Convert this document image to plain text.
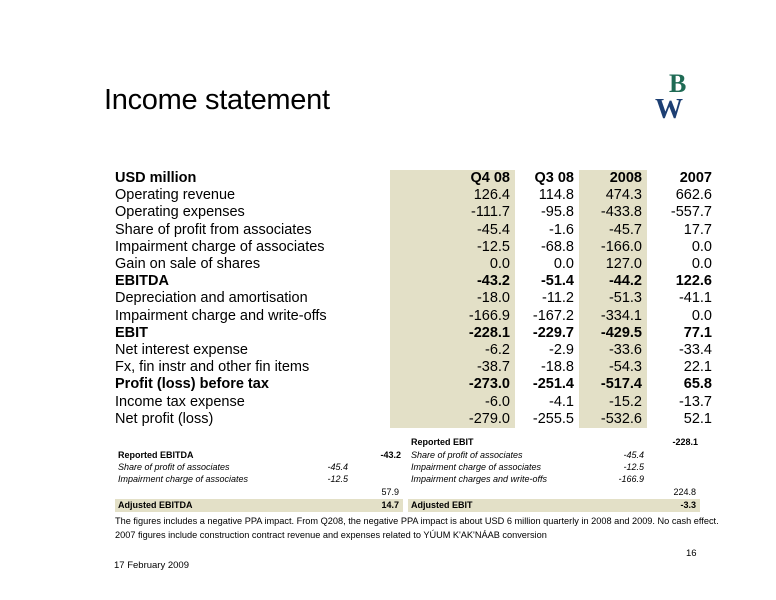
B
W
Income statement
USD million	Q4 08	Q3 08	2008	2007
Operating revenue	126.4	114.8	474.3	662.6
Operating expenses	-111.7	-95.8	-433.8	-557.7
Share of profit from associates	-45.4	-1.6	-45.7	17.7
Impairment charge of associates	-12.5	-68.8	-166.0	0.0
Gain on sale of shares	0.0	0.0	127.0	0.0
EBITDA	-43.2	-51.4	-44.2	122.6
Depreciation and amortisation	-18.0	-11.2	-51.3	-41.1
Impairment charge and write-offs	-166.9	-167.2	-334.1	0.0
EBIT	-228.1	-229.7	-429.5	77.1
Net interest expense	-6.2	-2.9	-33.6	-33.4
Fx, fin instr and other fin items	-38.7	-18.8	-54.3	22.1
Profit (loss) before tax	-273.0	-251.4	-517.4	65.8
Income tax expense	-6.0	-4.1	-15.2	-13.7
Net profit (loss)	-279.0	-255.5	-532.6	52.1
Reported EBITDA	-43.2
Share of profit of associates	-45.4
Impairment charge of associates	-12.5
57.9
Adjusted EBITDA	14.7
Reported EBIT	-228.1
Share of profit of associates	-45.4
Impairment charge of associates	-12.5
Impairment charges and write-offs	-166.9
224.8
Adjusted EBIT	-3.3
The figures includes a negative PPA impact. From Q208, the negative PPA impact is about USD 6 million quarterly in 2008 and 2009. No cash effect.
2007 figures include construction contract revenue and expenses related to YÚUM K'AK'NÁAB conversion
17 February 2009
16
